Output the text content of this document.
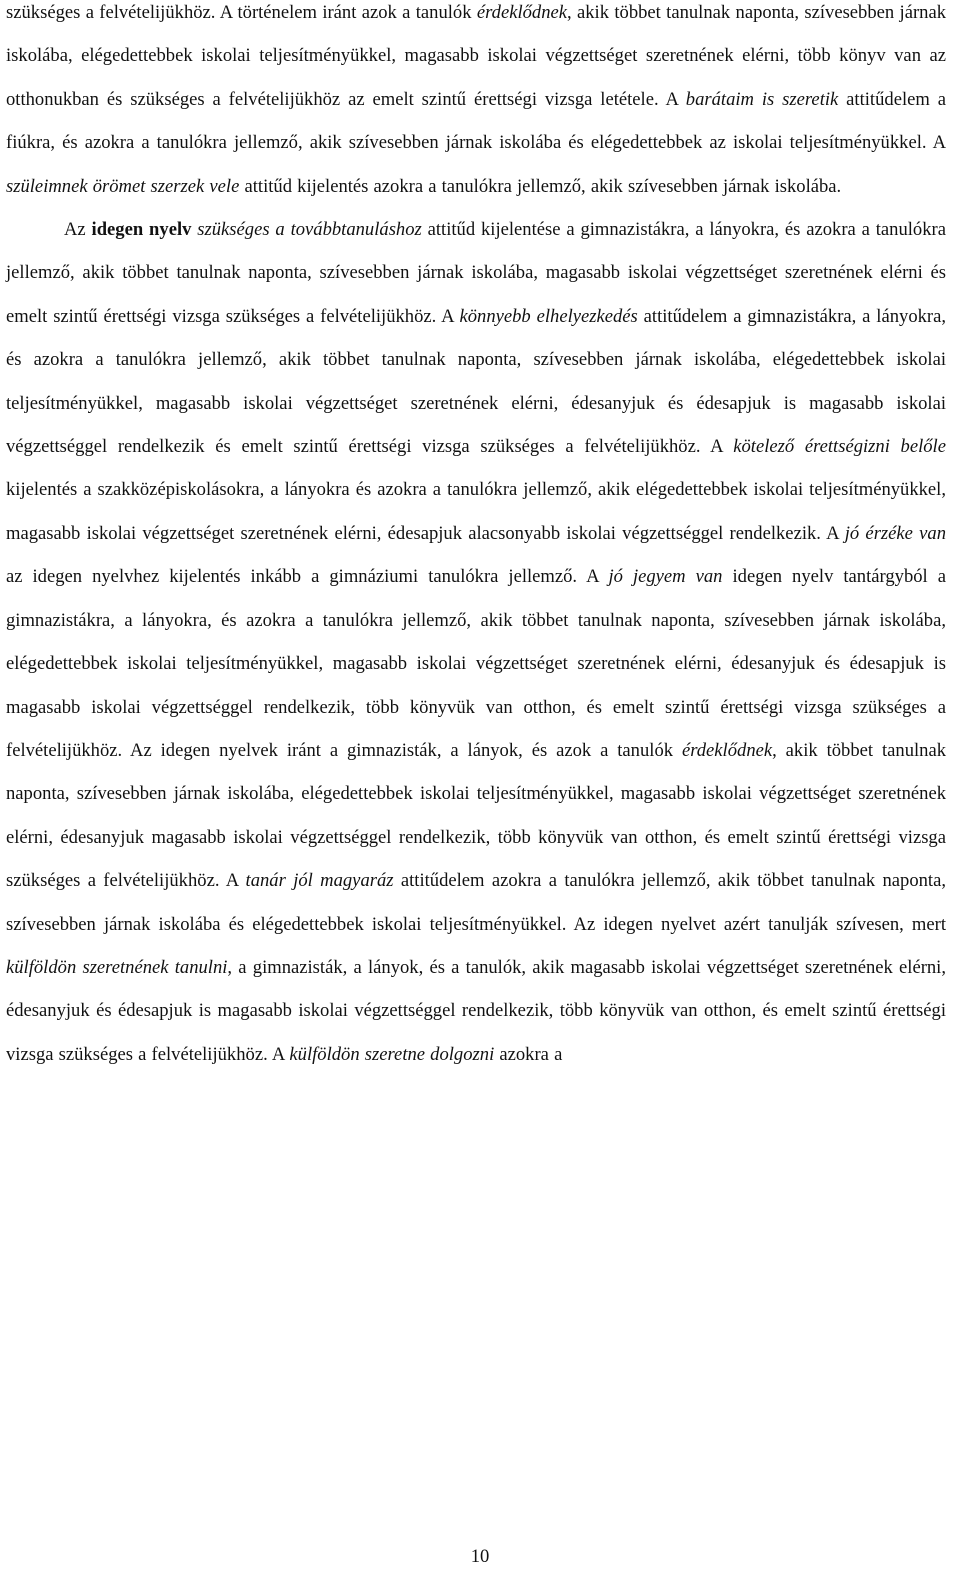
szükséges a felvételijükhöz. A történelem iránt azok a tanulók érdeklődnek, akik többet tanulnak naponta, szívesebben járnak iskolába, elégedettebbek iskolai teljesítményükkel, magasabb iskolai végzettséget szeretnének elérni, több könyv van az otthonukban és szükséges a felvételijükhöz az emelt szintű érettségi vizsga letétele. A barátaim is szeretik attitűdelem a fiúkra, és azokra a tanulókra jellemző, akik szívesebben járnak iskolába és elégedettebbek az iskolai teljesítményükkel. A szüleimnek örömet szerzek vele attitűd kijelentés azokra a tanulókra jellemző, akik szívesebben járnak iskolába.

Az idegen nyelv szükséges a továbbtanuláshoz attitűd kijelentése a gimnazistákra, a lányokra, és azokra a tanulókra jellemző, akik többet tanulnak naponta, szívesebben járnak iskolába, magasabb iskolai végzettséget szeretnének elérni és emelt szintű érettségi vizsga szükséges a felvételijükhöz. A könnyebb elhelyezkedés attitűdelem a gimnazistákra, a lányokra, és azokra a tanulókra jellemző, akik többet tanulnak naponta, szívesebben járnak iskolába, elégedettebbek iskolai teljesítményükkel, magasabb iskolai végzettséget szeretnének elérni, édesanyjuk és édesapjuk is magasabb iskolai végzettséggel rendelkezik és emelt szintű érettségi vizsga szükséges a felvételijükhöz. A kötelező érettségizni belőle kijelentés a szakközépiskolásokra, a lányokra és azokra a tanulókra jellemző, akik elégedettebbek iskolai teljesítményükkel, magasabb iskolai végzettséget szeretnének elérni, édesapjuk alacsonyabb iskolai végzettséggel rendelkezik. A jó érzéke van az idegen nyelvhez kijelentés inkább a gimnáziumi tanulókra jellemző. A jó jegyem van idegen nyelv tantárgyból a gimnazistákra, a lányokra, és azokra a tanulókra jellemző, akik többet tanulnak naponta, szívesebben járnak iskolába, elégedettebbek iskolai teljesítményükkel, magasabb iskolai végzettséget szeretnének elérni, édesanyjuk és édesapjuk is magasabb iskolai végzettséggel rendelkezik, több könyvük van otthon, és emelt szintű érettségi vizsga szükséges a felvételijükhöz. Az idegen nyelvek iránt a gimnazisták, a lányok, és azok a tanulók érdeklődnek, akik többet tanulnak naponta, szívesebben járnak iskolába, elégedettebbek iskolai teljesítményükkel, magasabb iskolai végzettséget szeretnének elérni, édesanyjuk magasabb iskolai végzettséggel rendelkezik, több könyvük van otthon, és emelt szintű érettségi vizsga szükséges a felvételijükhöz. A tanár jól magyaráz attitűdelem azokra a tanulókra jellemző, akik többet tanulnak naponta, szívesebben járnak iskolába és elégedettebbek iskolai teljesítményükkel. Az idegen nyelvet azért tanulják szívesen, mert külföldön szeretnének tanulni, a gimnazisták, a lányok, és a tanulók, akik magasabb iskolai végzettséget szeretnének elérni, édesanyjuk és édesapjuk is magasabb iskolai végzettséggel rendelkezik, több könyvük van otthon, és emelt szintű érettségi vizsga szükséges a felvételijükhöz. A külföldön szeretne dolgozni azokra a

10
